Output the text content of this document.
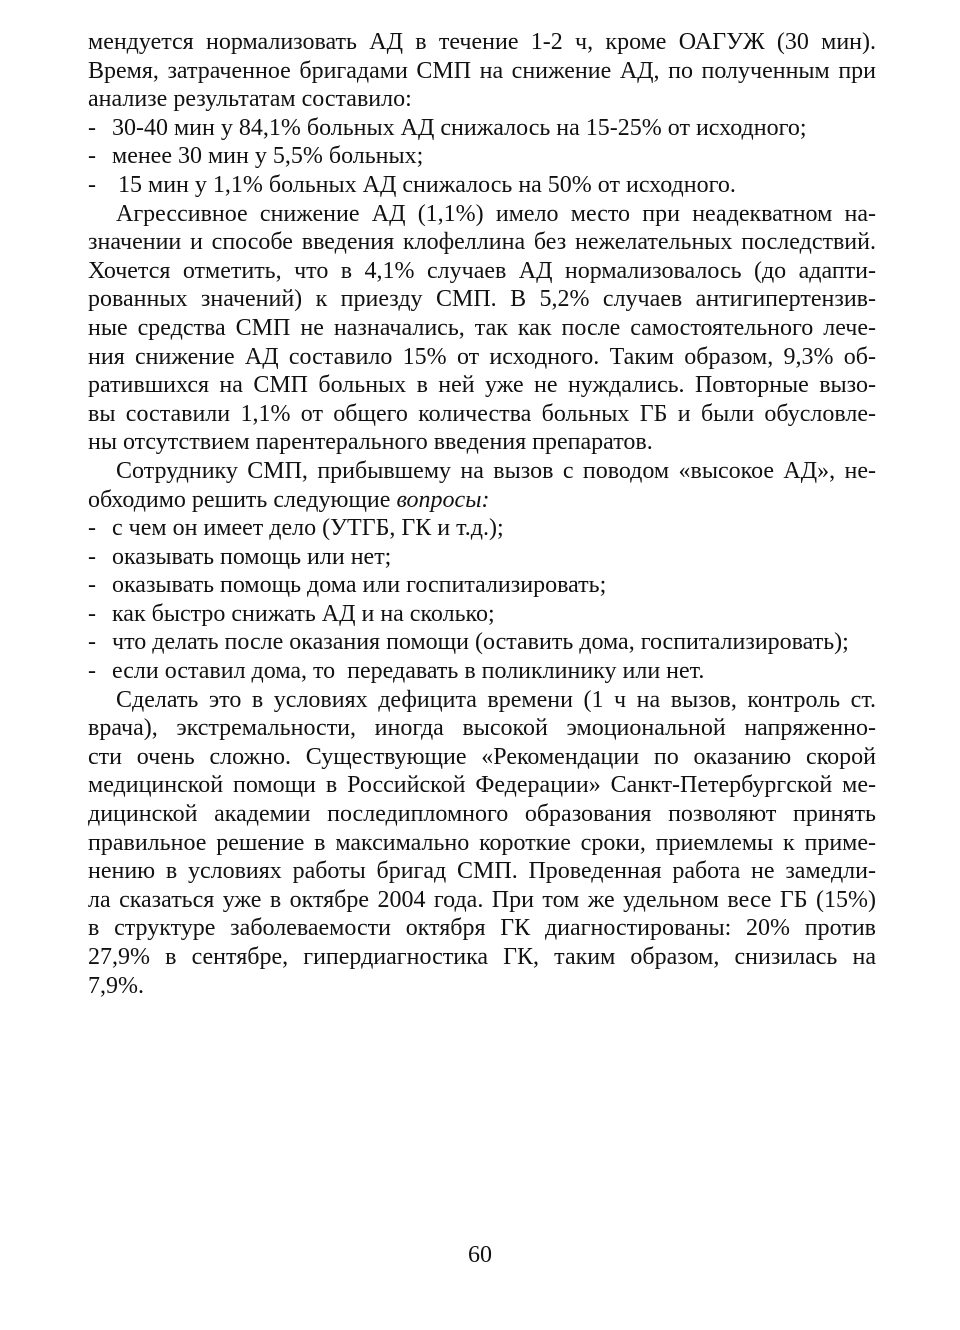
мендуется нормализовать АД в течение 1-2 ч, кроме ОАГУЖ (30 мин).
Время, затраченное бригадами СМП на снижение АД, по полученным при
анализе результатам составило:
- 30-40 мин у 84,1% больных АД снижалось на 15-25% от исходного;
- менее 30 мин у 5,5% больных;
- 15 мин у 1,1% больных АД снижалось на 50% от исходного.
Агрессивное снижение АД (1,1%) имело место при неадекватном на-
значении и способе введения клофеллина без нежелательных последствий.
Хочется отметить, что в 4,1% случаев АД нормализовалось (до адапти-
рованных значений) к приезду СМП. В 5,2% случаев антигипертензив-
ные средства СМП не назначались, так как после самостоятельного лече-
ния снижение АД составило 15% от исходного. Таким образом, 9,3% об-
ратившихся на СМП больных в ней уже не нуждались. Повторные вызо-
вы составили 1,1% от общего количества больных ГБ и были обусловле-
ны отсутствием парентерального введения препаратов.
Сотруднику СМП, прибывшему на вызов с поводом «высокое АД», не-
обходимо решить следующие вопросы:
- с чем он имеет дело (УТГБ, ГК и т.д.);
- оказывать помощь или нет;
- оказывать помощь дома или госпитализировать;
- как быстро снижать АД и на сколько;
- что делать после оказания помощи (оставить дома, госпитализировать);
- если оставил дома, то  передавать в поликлинику или нет.
Сделать это в условиях дефицита времени (1 ч на вызов, контроль ст.
врача), экстремальности, иногда высокой эмоциональной напряженно-
сти очень сложно. Существующие «Рекомендации по оказанию скорой
медицинской помощи в Российской Федерации» Санкт-Петербургской ме-
дицинской академии последипломного образования позволяют принять
правильное решение в максимально короткие сроки, приемлемы к приме-
нению в условиях работы бригад СМП. Проведенная работа не замедли-
ла сказаться уже в октябре 2004 года. При том же удельном весе ГБ (15%)
в структуре заболеваемости октября ГК диагностированы: 20% против
27,9% в сентябре, гипердиагностика ГК, таким образом, снизилась на
7,9%.
60
